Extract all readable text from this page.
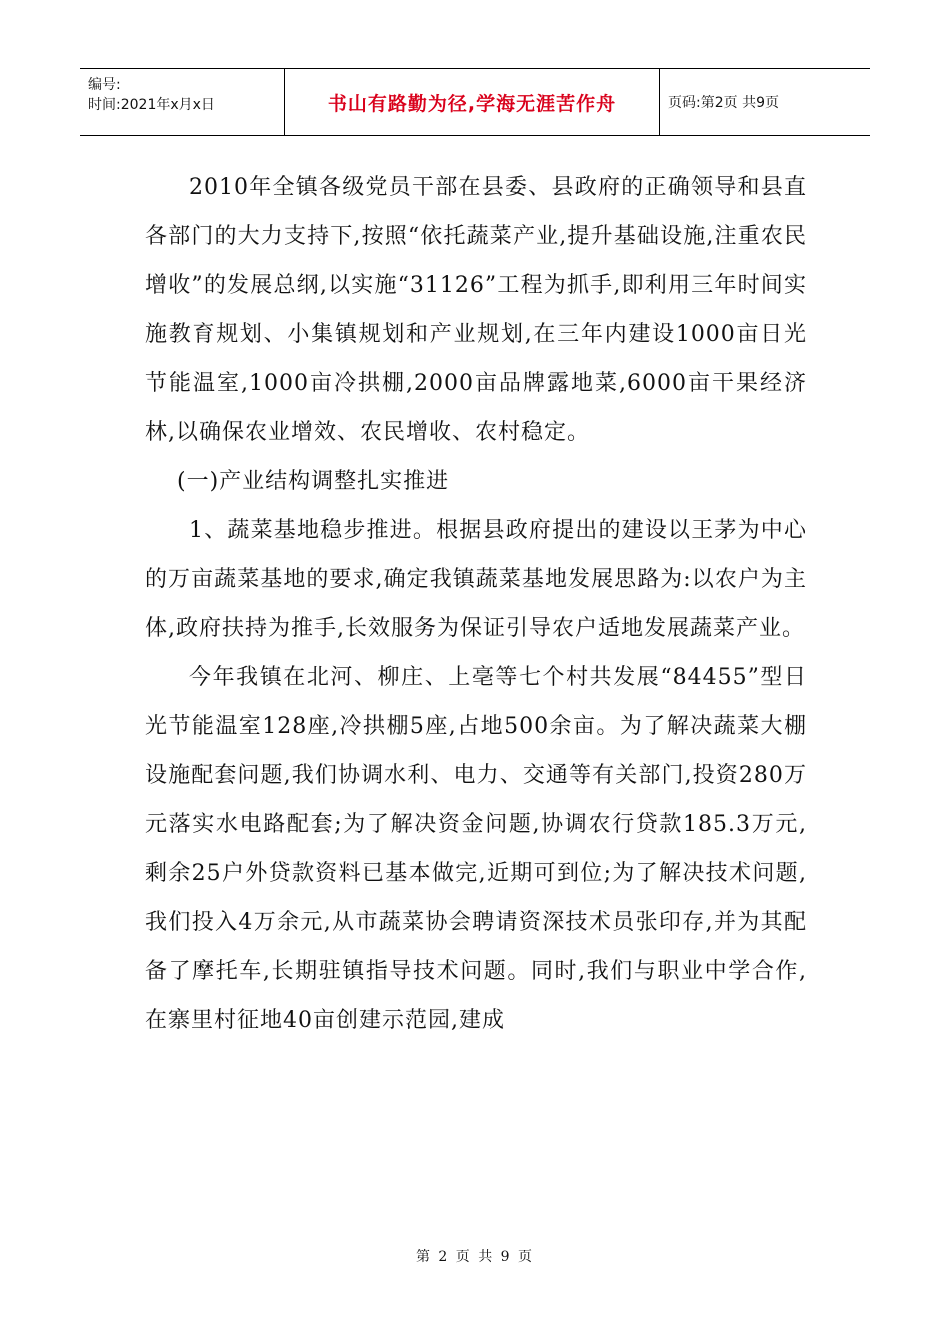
编号:
时间:2021年x月x日	书山有路勤为径,学海无涯苦作舟	页码:第2页 共9页

2010年全镇各级党员干部在县委、县政府的正确领导和县直各部门的大力支持下,按照“依托蔬菜产业,提升基础设施,注重农民增收”的发展总纲,以实施“31126”工程为抓手,即利用三年时间实施教育规划、小集镇规划和产业规划,在三年内建设1000亩日光节能温室,1000亩冷拱棚,2000亩品牌露地菜,6000亩干果经济林,以确保农业增效、农民增收、农村稳定。

(一)产业结构调整扎实推进

1、蔬菜基地稳步推进。根据县政府提出的建设以王茅为中心的万亩蔬菜基地的要求,确定我镇蔬菜基地发展思路为:以农户为主体,政府扶持为推手,长效服务为保证引导农户适地发展蔬菜产业。

今年我镇在北河、柳庄、上亳等七个村共发展“84455”型日光节能温室128座,冷拱棚5座,占地500余亩。为了解决蔬菜大棚设施配套问题,我们协调水利、电力、交通等有关部门,投资280万元落实水电路配套;为了解决资金问题,协调农行贷款185.3万元,剩余25户外贷款资料已基本做完,近期可到位;为了解决技术问题,我们投入4万余元,从市蔬菜协会聘请资深技术员张印存,并为其配备了摩托车,长期驻镇指导技术问题。同时,我们与职业中学合作,在寨里村征地40亩创建示范园,建成

第 2 页 共 9 页
